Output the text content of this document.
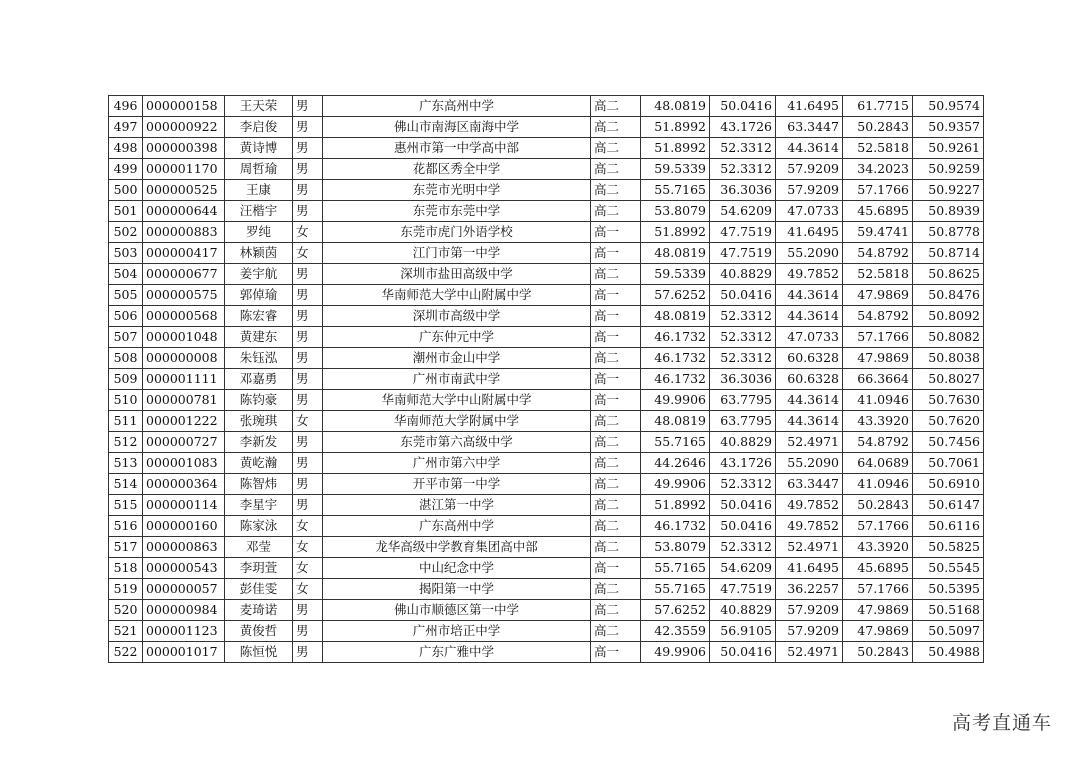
496	000000158	王天荣	男	广东高州中学	高二	48.0819	50.0416	41.6495	61.7715	50.9574
497	000000922	李启俊	男	佛山市南海区南海中学	高二	51.8992	43.1726	63.3447	50.2843	50.9357
498	000000398	黄诗博	男	惠州市第一中学高中部	高二	51.8992	52.3312	44.3614	52.5818	50.9261
499	000001170	周哲瑜	男	花都区秀全中学	高二	59.5339	52.3312	57.9209	34.2023	50.9259
500	000000525	王康	男	东莞市光明中学	高二	55.7165	36.3036	57.9209	57.1766	50.9227
501	000000644	汪楷宇	男	东莞市东莞中学	高二	53.8079	54.6209	47.0733	45.6895	50.8939
502	000000883	罗纯	女	东莞市虎门外语学校	高一	51.8992	47.7519	41.6495	59.4741	50.8778
503	000000417	林颖茵	女	江门市第一中学	高一	48.0819	47.7519	55.2090	54.8792	50.8714
504	000000677	姜宇航	男	深圳市盐田高级中学	高二	59.5339	40.8829	49.7852	52.5818	50.8625
505	000000575	郭倬瑜	男	华南师范大学中山附属中学	高一	57.6252	50.0416	44.3614	47.9869	50.8476
506	000000568	陈宏睿	男	深圳市高级中学	高一	48.0819	52.3312	44.3614	54.8792	50.8092
507	000001048	黄建东	男	广东仲元中学	高一	46.1732	52.3312	47.0733	57.1766	50.8082
508	000000008	朱钰泓	男	潮州市金山中学	高二	46.1732	52.3312	60.6328	47.9869	50.8038
509	000001111	邓嘉勇	男	广州市南武中学	高一	46.1732	36.3036	60.6328	66.3664	50.8027
510	000000781	陈钧豪	男	华南师范大学中山附属中学	高一	49.9906	63.7795	44.3614	41.0946	50.7630
511	000001222	张琬琪	女	华南师范大学附属中学	高二	48.0819	63.7795	44.3614	43.3920	50.7620
512	000000727	李新发	男	东莞市第六高级中学	高二	55.7165	40.8829	52.4971	54.8792	50.7456
513	000001083	黄屹瀚	男	广州市第六中学	高二	44.2646	43.1726	55.2090	64.0689	50.7061
514	000000364	陈智炜	男	开平市第一中学	高二	49.9906	52.3312	63.3447	41.0946	50.6910
515	000000114	李星宇	男	湛江第一中学	高二	51.8992	50.0416	49.7852	50.2843	50.6147
516	000000160	陈家泳	女	广东高州中学	高二	46.1732	50.0416	49.7852	57.1766	50.6116
517	000000863	邓莹	女	龙华高级中学教育集团高中部	高二	53.8079	52.3312	52.4971	43.3920	50.5825
518	000000543	李玥萱	女	中山纪念中学	高一	55.7165	54.6209	41.6495	45.6895	50.5545
519	000000057	彭佳雯	女	揭阳第一中学	高二	55.7165	47.7519	36.2257	57.1766	50.5395
520	000000984	麦琦诺	男	佛山市顺德区第一中学	高二	57.6252	40.8829	57.9209	47.9869	50.5168
521	000001123	黄俊哲	男	广州市培正中学	高二	42.3559	56.9105	57.9209	47.9869	50.5097
522	000001017	陈恒悦	男	广东广雅中学	高一	49.9906	50.0416	52.4971	50.2843	50.4988
高考直通车
